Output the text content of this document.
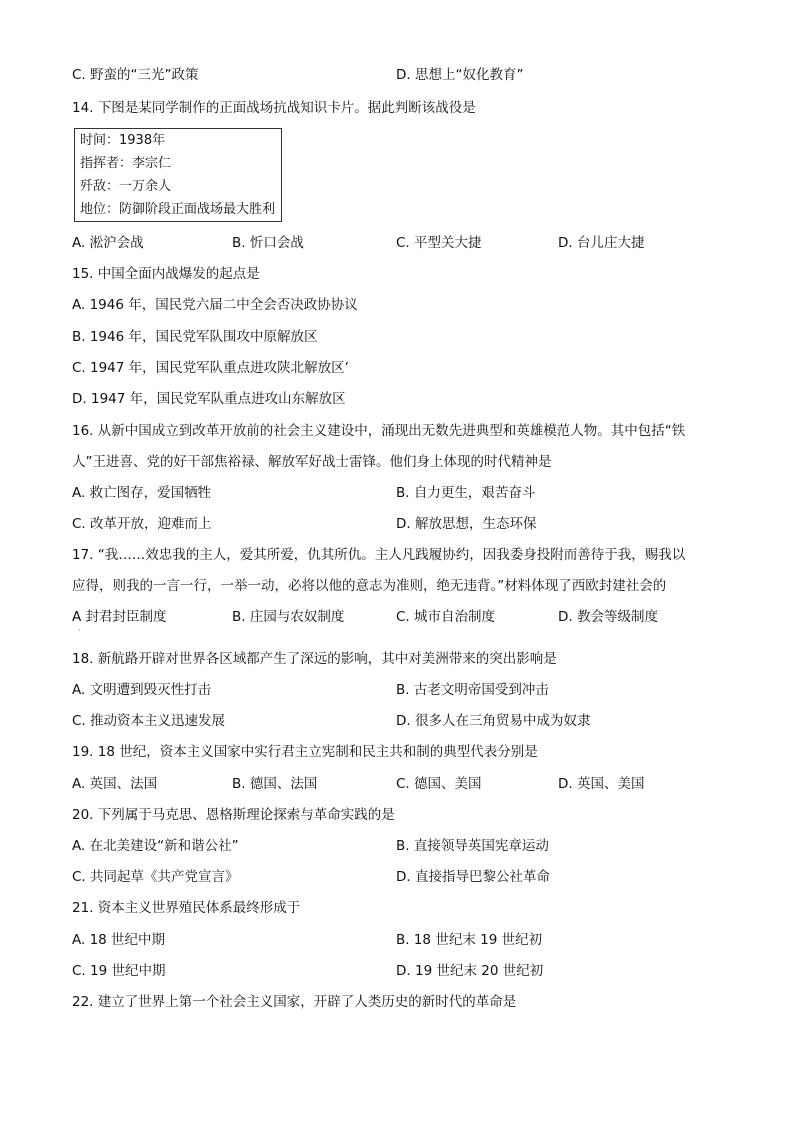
C. 野蛮的“三光”政策	D. 思想上“奴化教育”
14. 下图是某同学制作的正面战场抗战知识卡片。据此判断该战役是
时间：1938年
指挥者：李宗仁
歼敌：一万余人
地位：防御阶段正面战场最大胜利
A. 淞沪会战	B. 忻口会战	C. 平型关大捷	D. 台儿庄大捷
15. 中国全面内战爆发的起点是
A. 1946 年，国民党六届二中全会否决政协协议
B. 1946 年，国民党军队围攻中原解放区
C. 1947 年，国民党军队重点进攻陕北解放区’
D. 1947 年，国民党军队重点进攻山东解放区
16. 从新中国成立到改革开放前的社会主义建设中，涌现出无数先进典型和英雄模范人物。其中包括“铁
人”王进喜、党的好干部焦裕禄、解放军好战士雷锋。他们身上体现的时代精神是
A. 救亡图存，爱国牺牲	B. 自力更生，艰苦奋斗
C. 改革开放，迎难而上	D. 解放思想，生态环保
17. “我……效忠我的主人，爱其所爱，仇其所仇。主人凡践履协约，因我委身投附而善待于我，赐我以
应得，则我的一言一行，一举一动，必将以他的意志为准则，绝无违背。”材料体现了西欧封建社会的
A 封君封臣制度	B. 庄园与农奴制度	C. 城市自治制度	D. 教会等级制度
·
18. 新航路开辟对世界各区域都产生了深远的影响，其中对美洲带来的突出影响是
A. 文明遭到毁灭性打击	B. 古老文明帝国受到冲击
C. 推动资本主义迅速发展	D. 很多人在三角贸易中成为奴隶
19. 18 世纪，资本主义国家中实行君主立宪制和民主共和制的典型代表分别是
A. 英国、法国	B. 德国、法国	C. 德国、美国	D. 英国、美国
20. 下列属于马克思、恩格斯理论探索与革命实践的是
A. 在北美建设“新和谐公社”	B. 直接领导英国宪章运动
C. 共同起草《共产党宣言》	D. 直接指导巴黎公社革命
21. 资本主义世界殖民体系最终形成于
A. 18 世纪中期	B. 18 世纪末 19 世纪初
C. 19 世纪中期	D. 19 世纪末 20 世纪初
22. 建立了世界上第一个社会主义国家，开辟了人类历史的新时代的革命是
